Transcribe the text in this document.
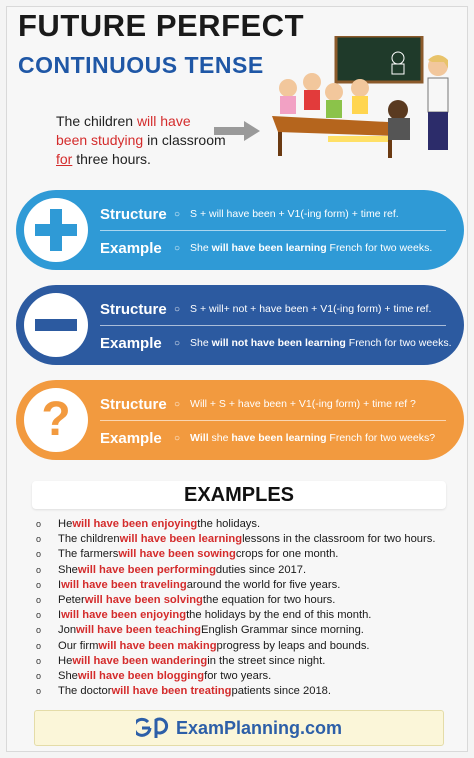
FUTURE PERFECT
CONTINUOUS TENSE
The children will have
been studying in classroom for three hours.
Structure ○ S + will have been + V1(-ing form) + time ref.
Example	○ She will have been learning French for two weeks.
Structure ○ S + will+ not + have been + V1(-ing form) + time ref.
Example	○ She will not have been learning French for two weeks.
? Structure ○ Will + S + have been + V1(-ing form) + time ref ?
Example	○ Will she have been learning French for two weeks?
EXAMPLES
o	He will have been enjoying the holidays.
o	The children will have been learning lessons in the classroom for two hours.
o	The farmers will have been sowing crops for one month.
o	She will have been performing duties since 2017.
o	I will have been traveling around the world for five years.
o	Peter will have been solving the equation for two hours.
o	I will have been enjoying the holidays by the end of this month.
o	Jon will have been teaching English Grammar since morning.
o	Our firm will have been making progress by leaps and bounds.
o	He will have been wandering in the street since night.
o	She will have been blogging for two years.
o	The doctor will have been treating patients since 2018.
ExamPlanning.com
